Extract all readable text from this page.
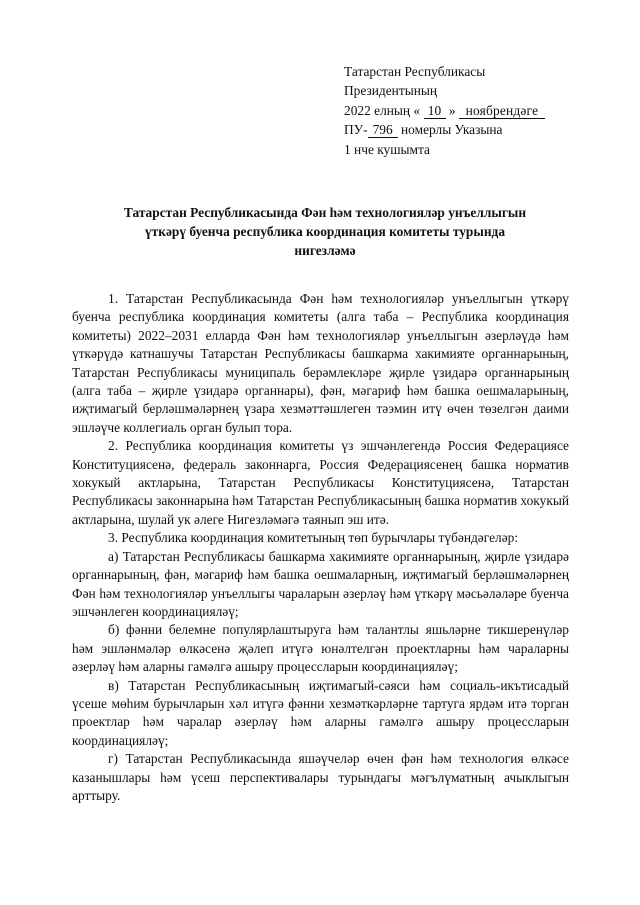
Татарстан Республикасы
Президентының
2022 елның « 10 » ноябрендәге
ПУ- 796 номерлы Указына
1 нче кушымта
Татарстан Республикасында Фән һәм технологияләр унъеллыгын
үткәрү буенча республика координация комитеты турында
нигезләмә

1. Татарстан Республикасында Фән һәм технологияләр унъеллыгын үткәрү буенча республика координация комитеты (алга таба – Республика координация комитеты) 2022–2031 елларда Фән һәм технологияләр унъеллыгын әзерләүдә һәм үткәрүдә катнашучы Татарстан Республикасы башкарма хакимияте органнарының, Татарстан Республикасы муниципаль берәмлекләре җирле үзидарә органнарының (алга таба – җирле үзидарә органнары), фән, мәгариф һәм башка оешмаларының, иҗтимагый берләшмәләрнең үзара хезмәттәшлеген тәэмин итү өчен төзелгән даими эшләүче коллегиаль орган булып тора.

2. Республика координация комитеты үз эшчәнлегендә Россия Федерациясе Конституциясенә, федераль законнарга, Россия Федерациясенең башка норматив хокукый актларына, Татарстан Республикасы Конституциясенә, Татарстан Республикасы законнарына һәм Татарстан Республикасының башка норматив хокукый актларына, шулай ук әлеге Нигезләмәгә таянып эш итә.

3. Республика координация комитетының төп бурычлары түбәндәгеләр:

а) Татарстан Республикасы башкарма хакимияте органнарының, җирле үзидарә органнарының, фән, мәгариф һәм башка оешмаларның, иҗтимагый берләшмәләрнең Фән һәм технологияләр унъеллыгы чараларын әзерләү һәм үткәрү мәсьәләләре буенча эшчәнлеген координацияләү;

б) фәнни белемне популярлаштыруга һәм талантлы яшьләрне тикшеренүләр һәм эшләнмәләр өлкәсенә җәлеп итүгә юнәлтелгән проектларны һәм чараларны әзерләү һәм аларны гамәлгә ашыру процессларын координацияләү;

в) Татарстан Республикасының иҗтимагый-сәяси һәм социаль-икътисадый үсеше мөһим бурычларын хәл итүгә фәнни хезмәткәрләрне тартуга ярдәм итә торган проектлар һәм чаралар әзерләү һәм аларны гамәлгә ашыру процессларын координацияләү;

г) Татарстан Республикасында яшәүчеләр өчен фән һәм технология өлкәсе казанышлары һәм үсеш перспективалары турындагы мәгълүматның ачыклыгын арттыру.
